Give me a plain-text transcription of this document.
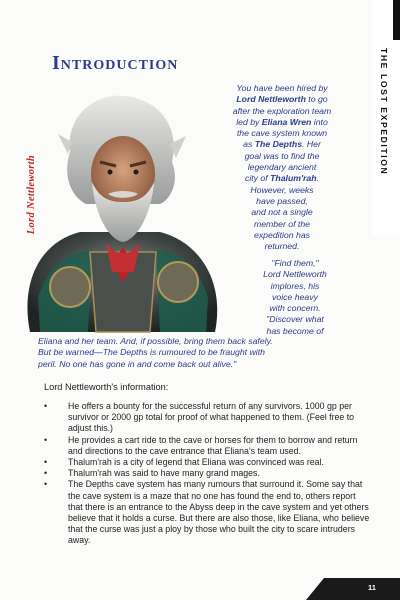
THE LOST EXPEDITION
Introduction
Lord Nettleworth

You have been hired by

Lord Nettleworth to go

after the exploration team

led by Eliana Wren into

the cave system known

as The Depths. Her

goal was to find the

legendary ancient

city of Thalum'rah.

However, weeks

have passed,

and not a single

member of the

expedition has

returned.

"Find them,"

Lord Nettleworth

implores, his

voice heavy

with concern.

"Discover what

has become of

Eliana and her team. And, if possible, bring them back safely.

But be warned—The Depths is rumoured to be fraught with

peril. No one has gone in and come back out alive."

Lord Nettleworth's information:
• He offers a bounty for the successful return of any survivors. 1000 gp per survivor or 2000 gp total for proof of what happened to them. (Feel free to adjust this.)
• He provides a cart ride to the cave or horses for them to borrow and return and directions to the cave entrance that Eliana's team used.
• Thalum'rah is a city of legend that Eliana was convinced was real.
• Thalum'rah was said to have many grand mages.
• The Depths cave system has many rumours that surround it. Some say that the cave system is a maze that no one has found the end to, others report that there is an entrance to the Abyss deep in the cave system and yet others believe that it holds a curse. But there are also those, like Eliana, who believe that the curse was just a ploy by those who built the city to scare intruders away.
11
